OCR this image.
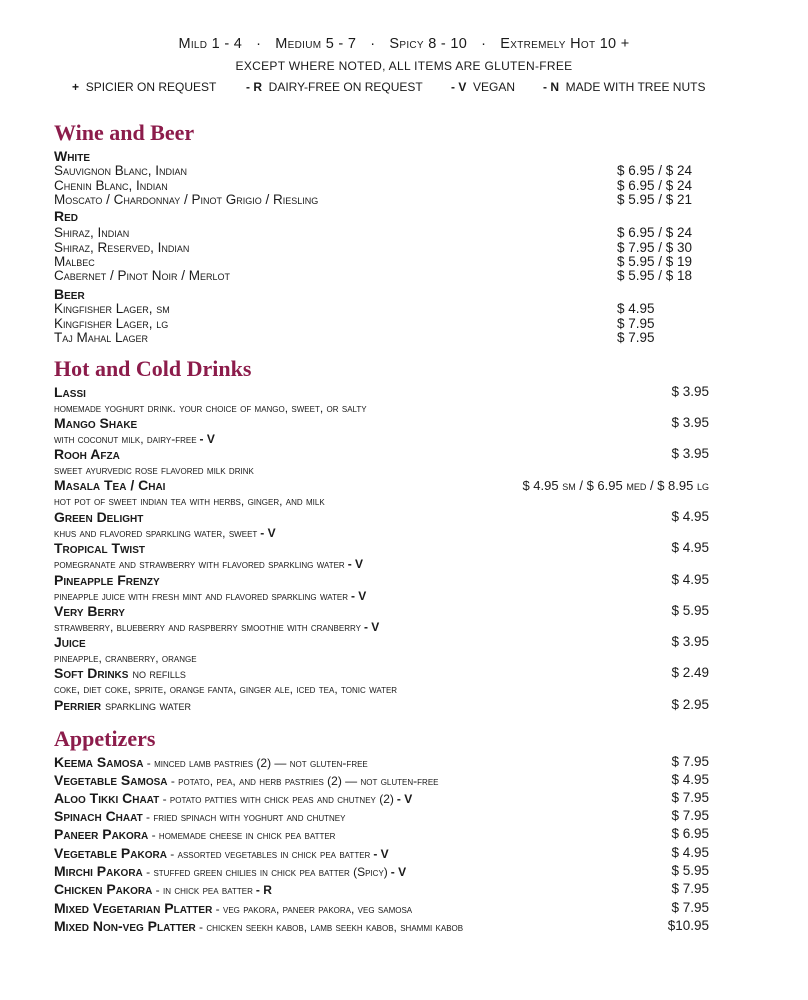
Mild 1 - 4 · Medium 5 - 7 · Spicy 8 - 10 · Extremely Hot 10 +
EXCEPT WHERE NOTED, ALL ITEMS ARE GLUTEN-FREE
+ SPICIER ON REQUEST - R DAIRY-FREE ON REQUEST - V VEGAN - N MADE WITH TREE NUTS
Wine and Beer
White
Sauvignon Blanc, Indian	$ 6.95 / $ 24
Chenin Blanc, Indian	$ 6.95 / $ 24
Moscato / Chardonnay / Pinot Grigio / Riesling	$ 5.95 / $ 21
Red
Shiraz, Indian	$ 6.95 / $ 24
Shiraz, Reserved, Indian	$ 7.95 / $ 30
Malbec	$ 5.95 / $ 19
Cabernet / Pinot Noir / Merlot	$ 5.95 / $ 18
Beer
Kingfisher Lager, sm	$ 4.95
Kingfisher Lager, lg	$ 7.95
Taj Mahal Lager	$ 7.95
Hot and Cold Drinks
Lassi	$ 3.95
homemade yoghurt drink. your choice of mango, sweet, or salty
Mango Shake	$ 3.95
with coconut milk, dairy-free - V
Rooh Afza	$ 3.95
sweet ayurvedic rose flavored milk drink
Masala Tea / Chai	$ 4.95 sm / $ 6.95 med / $ 8.95 lg
hot pot of sweet indian tea with herbs, ginger, and milk
Green Delight	$ 4.95
khus and flavored sparkling water, sweet - V
Tropical Twist	$ 4.95
pomegranate and strawberry with flavored sparkling water - V
Pineapple Frenzy	$ 4.95
pineapple juice with fresh mint and flavored sparkling water - V
Very Berry	$ 5.95
strawberry, blueberry and raspberry smoothie with cranberry - V
Juice	$ 3.95
pineapple, cranberry, orange
Soft Drinks no refills	$ 2.49
coke, diet coke, sprite, orange fanta, ginger ale, iced tea, tonic water
Perrier sparkling water	$ 2.95
Appetizers
Keema Samosa - minced lamb pastries (2) — not gluten-free	$ 7.95
Vegetable Samosa - potato, pea, and herb pastries (2) — not gluten-free	$ 4.95
Aloo Tikki Chaat - potato patties with chick peas and chutney (2) - V	$ 7.95
Spinach Chaat - fried spinach with yoghurt and chutney	$ 7.95
Paneer Pakora - homemade cheese in chick pea batter	$ 6.95
Vegetable Pakora - assorted vegetables in chick pea batter - V	$ 4.95
Mirchi Pakora - stuffed green chilies in chick pea batter (Spicy) - V	$ 5.95
Chicken Pakora - in chick pea batter - R	$ 7.95
Mixed Vegetarian Platter - veg pakora, paneer pakora, veg samosa	$ 7.95
Mixed Non-veg Platter - chicken seekh kabob, lamb seekh kabob, shammi kabob	$10.95
